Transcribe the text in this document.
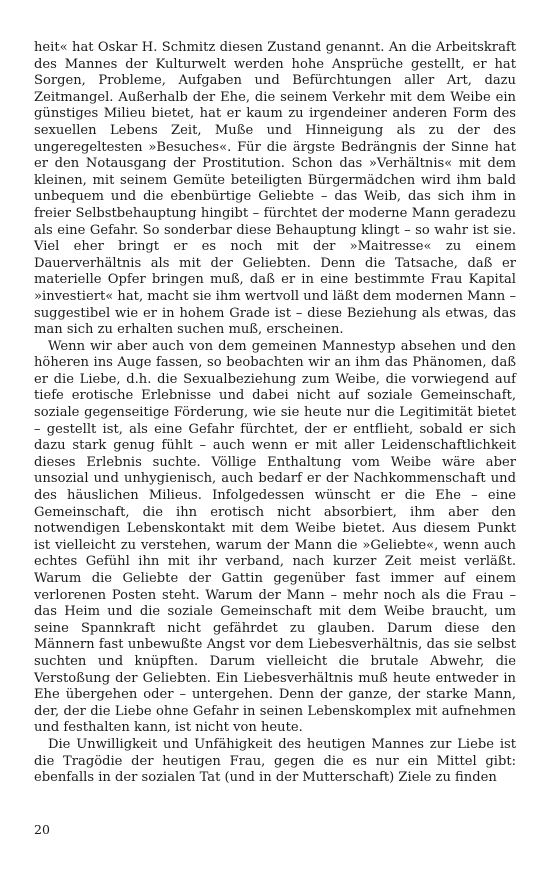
heit« hat Oskar H. Schmitz diesen Zustand genannt. An die Arbeitskraft des Mannes der Kulturwelt werden hohe Ansprüche gestellt, er hat Sorgen, Probleme, Aufgaben und Befürchtungen aller Art, dazu Zeitmangel. Außerhalb der Ehe, die seinem Verkehr mit dem Weibe ein günstiges Milieu bietet, hat er kaum zu irgendeiner anderen Form des sexuellen Lebens Zeit, Muße und Hinneigung als zu der des ungeregeltesten »Besuches«. Für die ärgste Bedrängnis der Sinne hat er den Notausgang der Prostitution. Schon das »Verhältnis« mit dem kleinen, mit seinem Gemüte beteiligten Bürgermädchen wird ihm bald unbequem und die ebenbürtige Geliebte – das Weib, das sich ihm in freier Selbstbehauptung hingibt – fürchtet der moderne Mann geradezu als eine Gefahr. So sonderbar diese Behauptung klingt – so wahr ist sie. Viel eher bringt er es noch mit der »Maitresse« zu einem Dauerverhältnis als mit der Geliebten. Denn die Tatsache, daß er materielle Opfer bringen muß, daß er in eine bestimmte Frau Kapital »investiert« hat, macht sie ihm wertvoll und läßt dem modernen Mann – suggestibel wie er in hohem Grade ist – diese Beziehung als etwas, das man sich zu erhalten suchen muß, erscheinen.

Wenn wir aber auch von dem gemeinen Mannestyp absehen und den höheren ins Auge fassen, so beobachten wir an ihm das Phänomen, daß er die Liebe, d.h. die Sexualbeziehung zum Weibe, die vorwiegend auf tiefe erotische Erlebnisse und dabei nicht auf soziale Gemeinschaft, soziale gegenseitige Förderung, wie sie heute nur die Legitimität bietet – gestellt ist, als eine Gefahr fürchtet, der er entflieht, sobald er sich dazu stark genug fühlt – auch wenn er mit aller Leidenschaftlichkeit dieses Erlebnis suchte. Völlige Enthaltung vom Weibe wäre aber unsozial und unhygienisch, auch bedarf er der Nachkommenschaft und des häuslichen Milieus. Infolgedessen wünscht er die Ehe – eine Gemeinschaft, die ihn erotisch nicht absorbiert, ihm aber den notwendigen Lebenskontakt mit dem Weibe bietet. Aus diesem Punkt ist vielleicht zu verstehen, warum der Mann die »Geliebte«, wenn auch echtes Gefühl ihn mit ihr verband, nach kurzer Zeit meist verläßt. Warum die Geliebte der Gattin gegenüber fast immer auf einem verlorenen Posten steht. Warum der Mann – mehr noch als die Frau – das Heim und die soziale Gemeinschaft mit dem Weibe braucht, um seine Spannkraft nicht gefährdet zu glauben. Darum diese den Männern fast unbewußte Angst vor dem Liebesverhältnis, das sie selbst suchten und knüpften. Darum vielleicht die brutale Abwehr, die Verstoßung der Geliebten. Ein Liebesverhältnis muß heute entweder in Ehe übergehen oder – untergehen. Denn der ganze, der starke Mann, der, der die Liebe ohne Gefahr in seinen Lebenskomplex mit aufnehmen und festhalten kann, ist nicht von heute.

Die Unwilligkeit und Unfähigkeit des heutigen Mannes zur Liebe ist die Tragödie der heutigen Frau, gegen die es nur ein Mittel gibt: ebenfalls in der sozialen Tat (und in der Mutterschaft) Ziele zu finden

20
